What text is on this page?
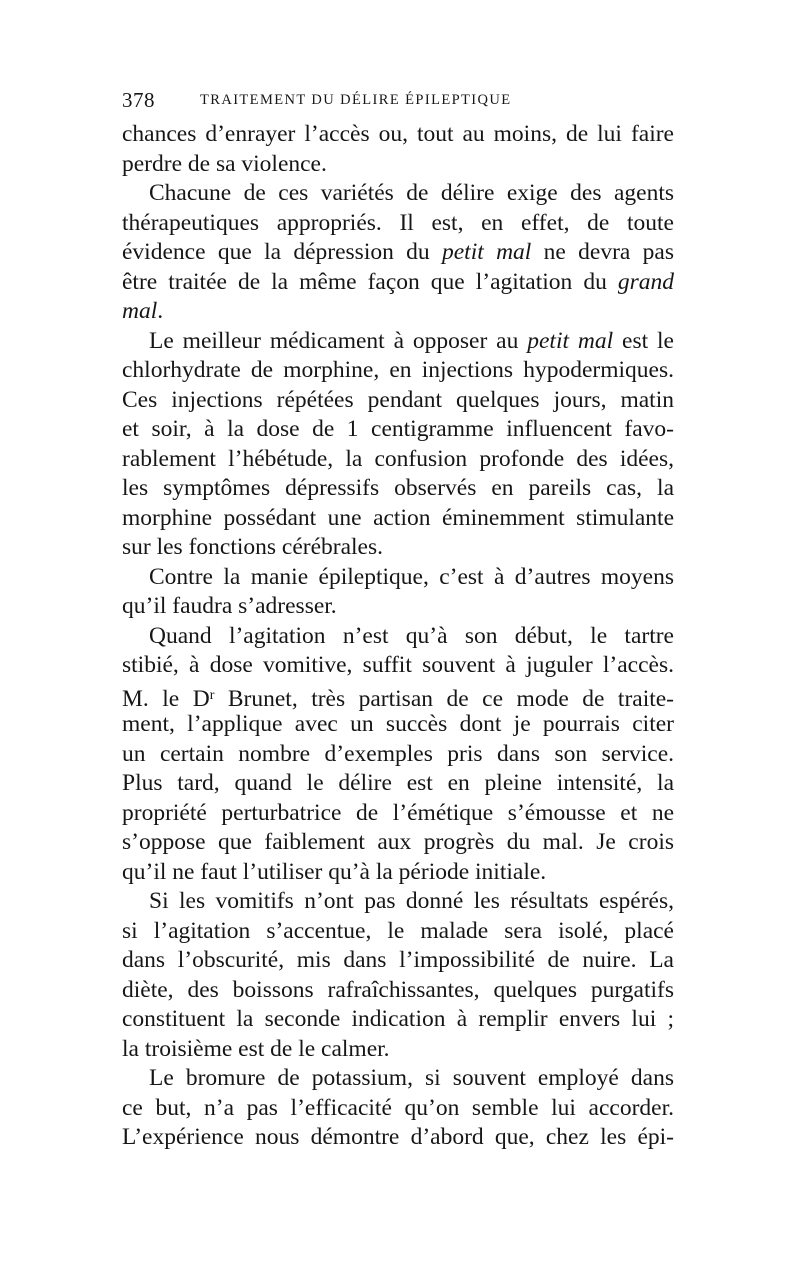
378	TRAITEMENT DU DÉLIRE ÉPILEPTIQUE
chances d’enrayer l’accès ou, tout au moins, de lui faire
perdre de sa violence.
Chacune de ces variétés de délire exige des agents
thérapeutiques appropriés. Il est, en effet, de toute
évidence que la dépression du petit mal ne devra pas
être traitée de la même façon que l’agitation du grand
mal.
Le meilleur médicament à opposer au petit mal est le
chlorhydrate de morphine, en injections hypodermiques.
Ces injections répétées pendant quelques jours, matin
et soir, à la dose de 1 centigramme influencent favo-
rablement l’hébétude, la confusion profonde des idées,
les symptômes dépressifs observés en pareils cas, la
morphine possédant une action éminemment stimulante
sur les fonctions cérébrales.
Contre la manie épileptique, c’est à d’autres moyens
qu’il faudra s’adresser.
Quand l’agitation n’est qu’à son début, le tartre
stibié, à dose vomitive, suffit souvent à juguler l’accès.
M. le $D^r$ Brunet, très partisan de ce mode de traite-
ment, l’applique avec un succès dont je pourrais citer
un certain nombre d’exemples pris dans son service.
Plus tard, quand le délire est en pleine intensité, la
propriété perturbatrice de l’émétique s’émousse et ne
s’oppose que faiblement aux progrès du mal. Je crois
qu’il ne faut l’utiliser qu’à la période initiale.
Si les vomitifs n’ont pas donné les résultats espérés,
si l’agitation s’accentue, le malade sera isolé, placé
dans l’obscurité, mis dans l’impossibilité de nuire. La
diète, des boissons rafraîchissantes, quelques purgatifs
constituent la seconde indication à remplir envers lui ;
la troisième est de le calmer.
Le bromure de potassium, si souvent employé dans
ce but, n’a pas l’efficacité qu’on semble lui accorder.
L’expérience nous démontre d’abord que, chez les épi-
